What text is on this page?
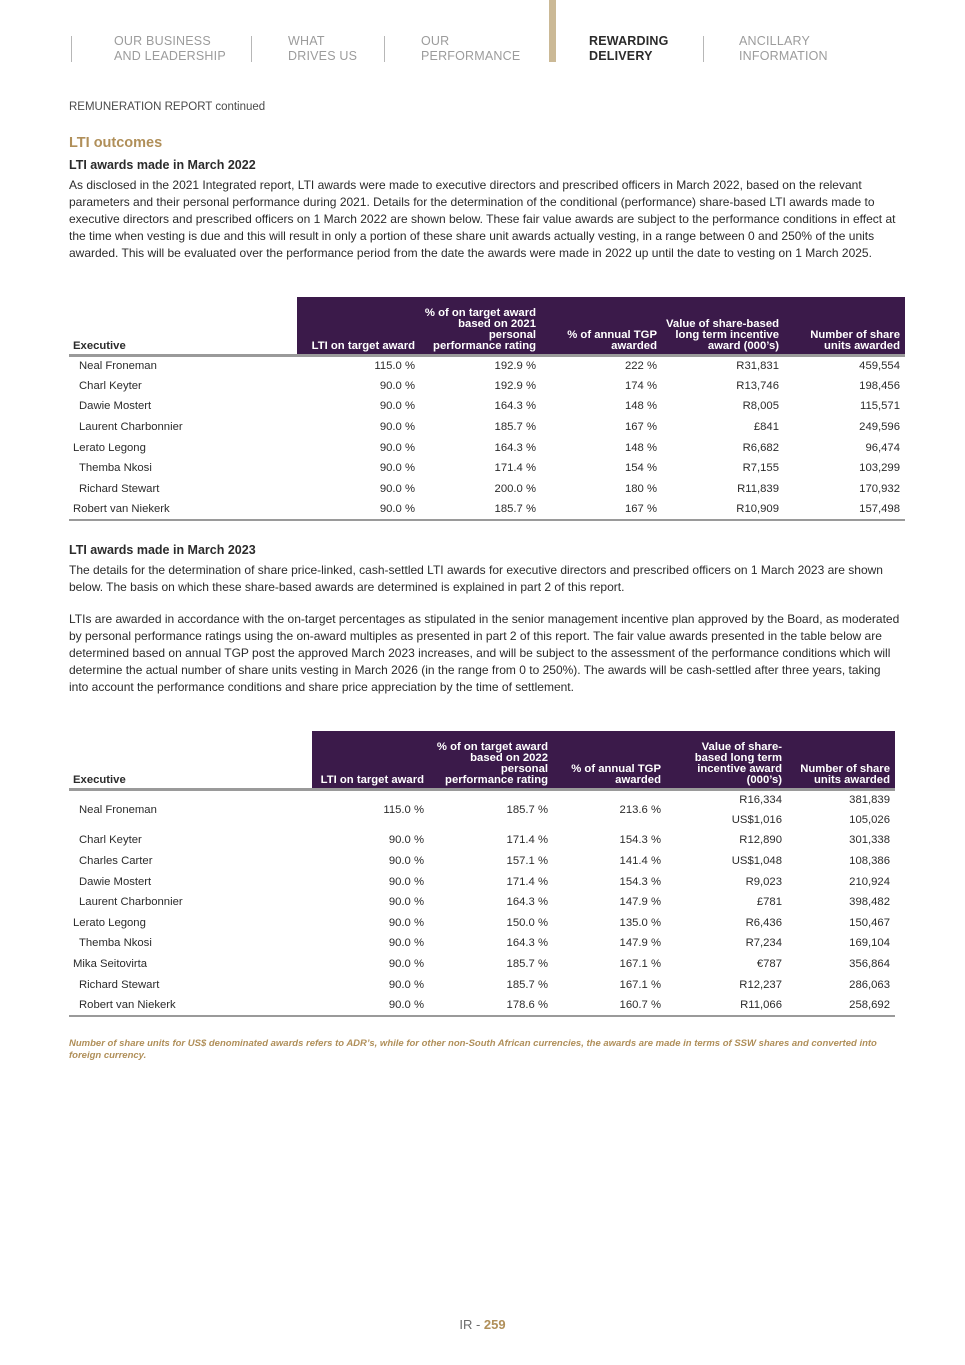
OUR BUSINESS
AND LEADERSHIP
WHAT
DRIVES US
OUR
PERFORMANCE
REWARDING
DELIVERY
ANCILLARY
INFORMATION
REMUNERATION REPORT continued
LTI outcomes
LTI awards made in March 2022
As disclosed in the 2021 Integrated report, LTI awards were made to executive directors and prescribed officers in March 2022, based on the relevant parameters and their personal performance during 2021. Details for the determination of the conditional (performance) share-based LTI awards made to executive directors and prescribed officers on 1 March 2022 are shown below. These fair value awards are subject to the performance conditions in effect at the time when vesting is due and this will result in only a portion of these share unit awards actually vesting, in a range between 0 and 250% of the units awarded. This will be evaluated over the performance period from the date the awards were made in 2022 up until the date to vesting on 1 March 2025.
Executive	LTI on target award	% of on target award based on 2021 personal performance rating	% of annual TGP awarded	Value of share-based long term incentive award (000’s)	Number of share units awarded
Neal Froneman	115.0 %	192.9 %	222 %	R31,831	459,554
Charl Keyter	90.0 %	192.9 %	174 %	R13,746	198,456
Dawie Mostert	90.0 %	164.3 %	148 %	R8,005	115,571
Laurent Charbonnier	90.0 %	185.7 %	167 %	£841	249,596
Lerato Legong	90.0 %	164.3 %	148 %	R6,682	96,474
Themba Nkosi	90.0 %	171.4 %	154 %	R7,155	103,299
Richard Stewart	90.0 %	200.0 %	180 %	R11,839	170,932
Robert van Niekerk	90.0 %	185.7 %	167 %	R10,909	157,498
LTI awards made in March 2023
The details for the determination of share price-linked, cash-settled LTI awards for executive directors and prescribed officers on 1 March 2023 are shown below. The basis on which these share-based awards are determined is explained in part 2 of this report.
LTIs are awarded in accordance with the on-target percentages as stipulated in the senior management incentive plan approved by the Board, as moderated by personal performance ratings using the on-award multiples as presented in part 2 of this report. The fair value awards presented in the table below are determined based on annual TGP post the approved March 2023 increases, and will be subject to the assessment of the performance conditions which will determine the actual number of share units vesting in March 2026 (in the range from 0 to 250%). The awards will be cash-settled after three years, taking into account the performance conditions and share price appreciation by the time of settlement.
Executive	LTI on target award	% of on target award based on 2022 personal performance rating	% of annual TGP awarded	Value of share-based long term incentive award (000’s)	Number of share units awarded
Neal Froneman	115.0 %	185.7 %	213.6 %	R16,334	381,839
				US$1,016	105,026
Charl Keyter	90.0 %	171.4 %	154.3 %	R12,890	301,338
Charles Carter	90.0 %	157.1 %	141.4 %	US$1,048	108,386
Dawie Mostert	90.0 %	171.4 %	154.3 %	R9,023	210,924
Laurent Charbonnier	90.0 %	164.3 %	147.9 %	£781	398,482
Lerato Legong	90.0 %	150.0 %	135.0 %	R6,436	150,467
Themba Nkosi	90.0 %	164.3 %	147.9 %	R7,234	169,104
Mika Seitovirta	90.0 %	185.7 %	167.1 %	€787	356,864
Richard Stewart	90.0 %	185.7 %	167.1 %	R12,237	286,063
Robert van Niekerk	90.0 %	178.6 %	160.7 %	R11,066	258,692
Number of share units for US$ denominated awards refers to ADR’s, while for other non-South African currencies, the awards are made in terms of SSW shares and converted into foreign currency.
IR - 259
